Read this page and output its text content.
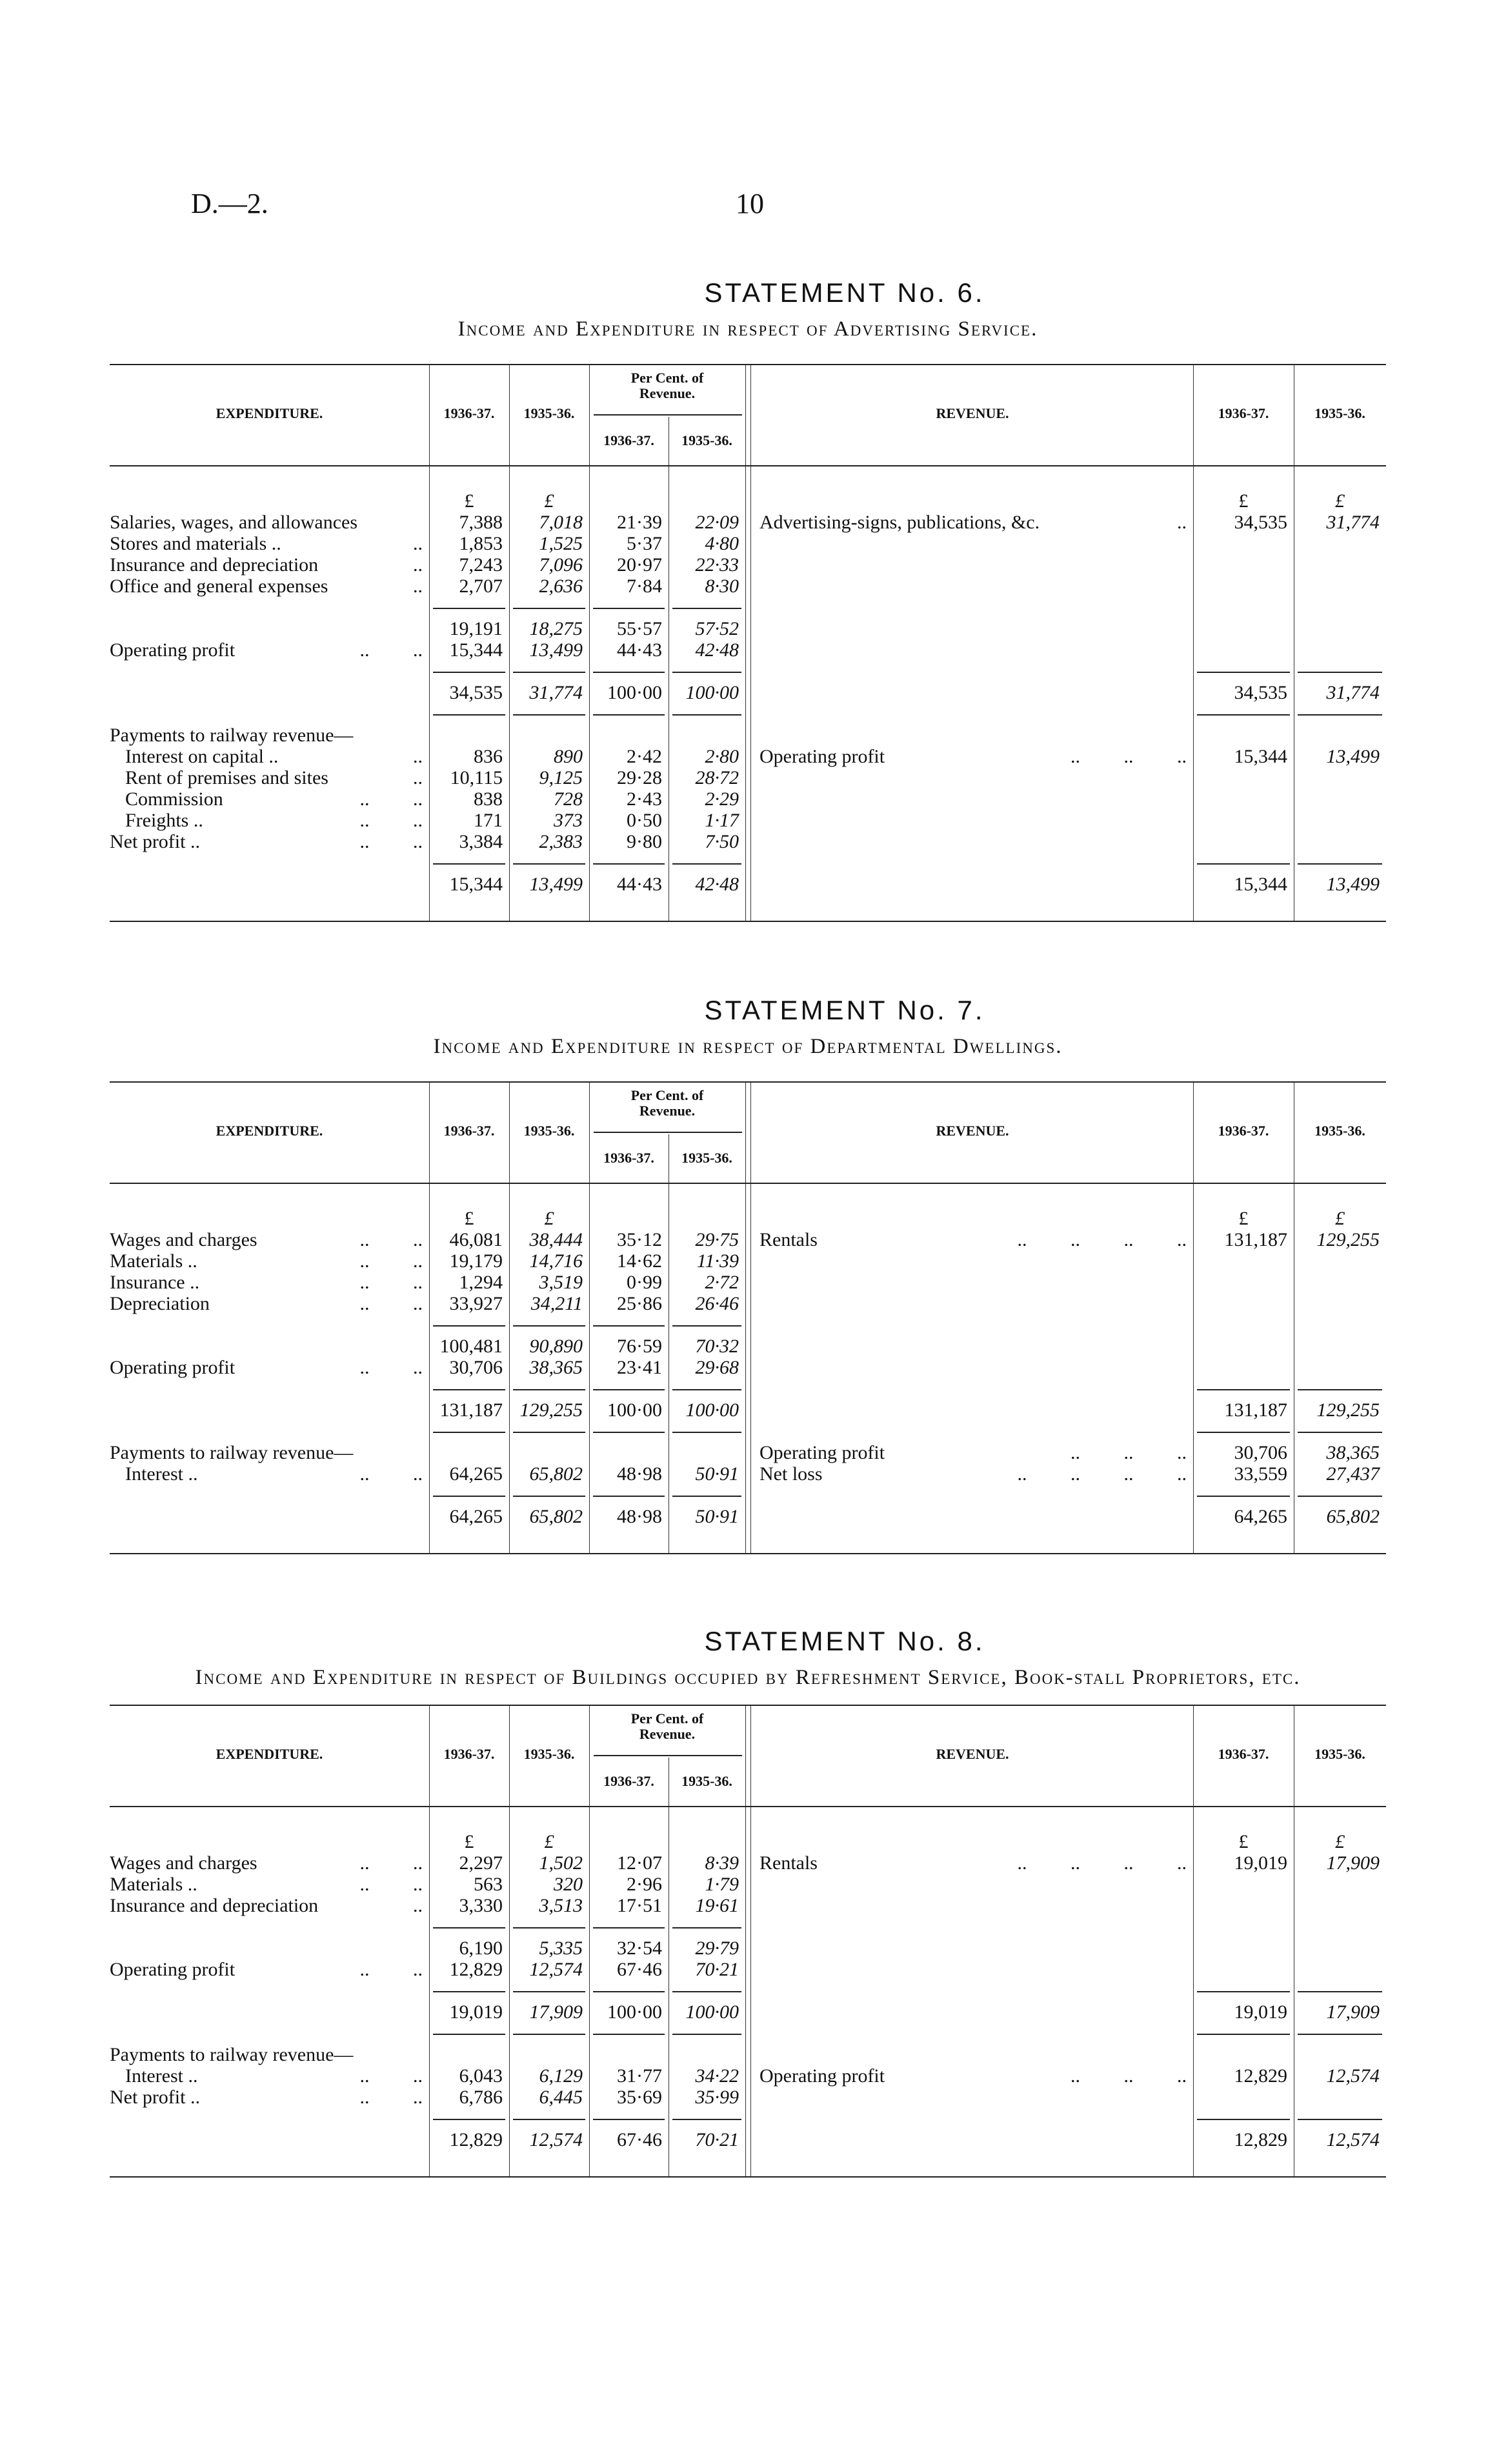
D.—2.	10
STATEMENT No. 6.
Income and Expenditure in respect of Advertising Service.
EXPENDITURE.	1936-37.	1935-36.
Per Cent. of Revenue.
1936-37.	1935-36.
REVENUE.	1936-37.	1935-36.
£	£	£	£
Salaries, wages, and allowances	7,388	7,018	21·39	22·09	Advertising-signs, publications, &c.	..	34,535	31,774
Stores and materials ..	..	1,853	1,525	5·37	4·80
Insurance and depreciation	..	7,243	7,096	20·97	22·33
Office and general expenses	..	2,707	2,636	7·84	8·30
19,191	18,275	55·57	57·52
Operating profit	.. ..	15,344	13,499	44·43	42·48
34,535	31,774	100·00	100·00	34,535	31,774
Payments to railway revenue—
Interest on capital ..	..	836	890	2·42	2·80	Operating profit	.. .. ..	15,344	13,499
Rent of premises and sites	..	10,115	9,125	29·28	28·72
Commission	.. ..	838	728	2·43	2·29
Freights ..	.. ..	171	373	0·50	1·17
Net profit ..	.. ..	3,384	2,383	9·80	7·50
15,344	13,499	44·43	42·48	15,344	13,499
STATEMENT No. 7.
Income and Expenditure in respect of Departmental Dwellings.
EXPENDITURE.	1936-37.	1935-36.
Per Cent. of Revenue.
1936-37.	1935-36.
REVENUE.	1936-37.	1935-36.
£	£	£	£
Wages and charges	.. ..	46,081	38,444	35·12	29·75	Rentals	.. .. .. ..	131,187	129,255
Materials ..	.. ..	19,179	14,716	14·62	11·39
Insurance ..	.. ..	1,294	3,519	0·99	2·72
Depreciation	.. ..	33,927	34,211	25·86	26·46
100,481	90,890	76·59	70·32
Operating profit	.. ..	30,706	38,365	23·41	29·68
131,187 129,255	100·00	100·00	131,187	129,255
Payments to railway revenue—	Operating profit	.. .. ..	30,706	38,365
Interest ..	.. ..	64,265	65,802	48·98	50·91	Net loss	.. .. .. ..	33,559	27,437
64,265	65,802	48·98	50·91	64,265	65,802
STATEMENT No. 8.
Income and Expenditure in respect of Buildings occupied by Refreshment Service, Book-stall Proprietors, etc.
EXPENDITURE.	1936-37.	1935-36.
Per Cent. of Revenue.
1936-37.	1935-36.
REVENUE.	1936-37.	1935-36.
£	£	£	£
Wages and charges	.. ..	2,297	1,502	12·07	8·39	Rentals	.. .. .. ..	19,019	17,909
Materials ..	.. ..	563	320	2·96	1·79
Insurance and depreciation	..	3,330	3,513	17·51	19·61
6,190	5,335	32·54	29·79
Operating profit	.. ..	12,829	12,574	67·46	70·21
19,019	17,909	100·00	100·00	19,019	17,909
Payments to railway revenue—
Interest ..	.. ..	6,043	6,129	31·77	34·22	Operating profit	.. .. ..	12,829	12,574
Net profit ..	.. ..	6,786	6,445	35·69	35·99
12,829	12,574	67·46	70·21	12,829	12,574
